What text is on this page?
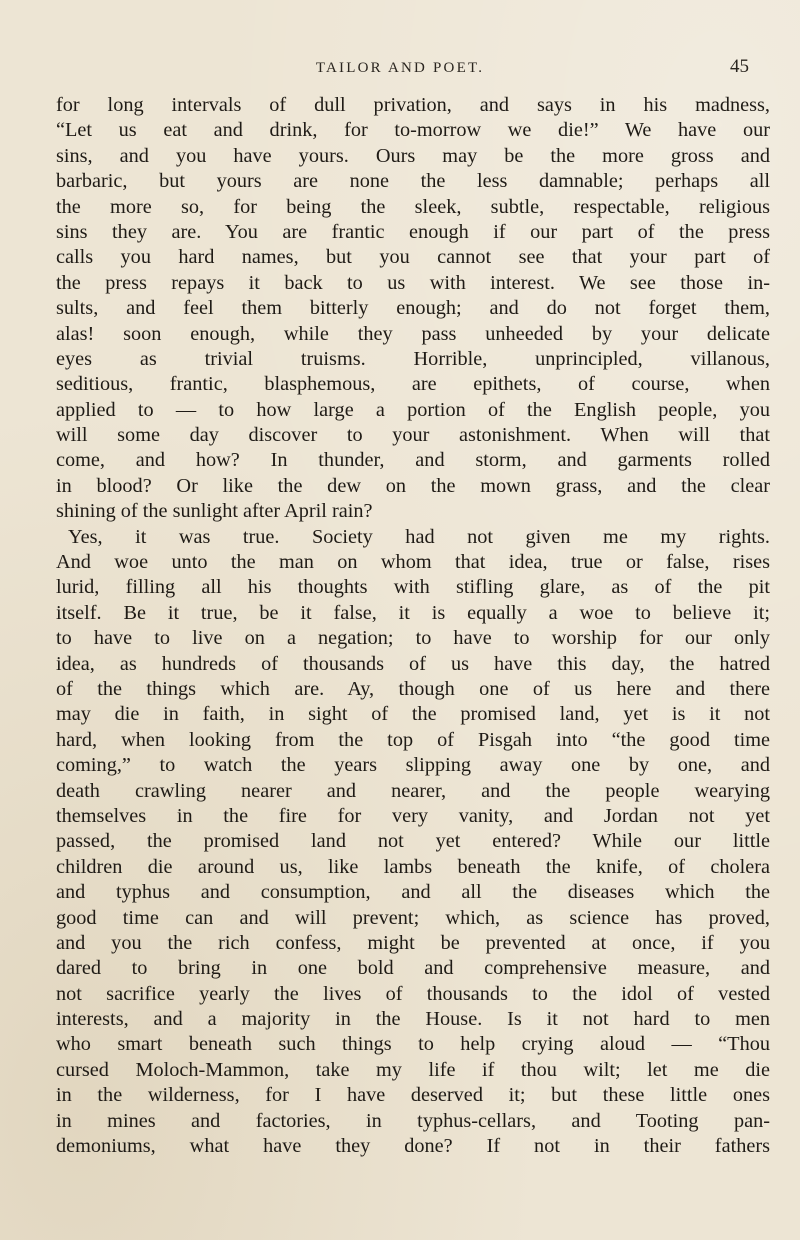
TAILOR AND POET.	45
for long intervals of dull privation, and says in his madness,
“Let us eat and drink, for to-morrow we die!” We have our
sins, and you have yours. Ours may be the more gross and
barbaric, but yours are none the less damnable; perhaps all
the more so, for being the sleek, subtle, respectable, religious
sins they are. You are frantic enough if our part of the press
calls you hard names, but you cannot see that your part of
the press repays it back to us with interest. We see those in-
sults, and feel them bitterly enough; and do not forget them,
alas! soon enough, while they pass unheeded by your delicate
eyes as trivial truisms. Horrible, unprincipled, villanous,
seditious, frantic, blasphemous, are epithets, of course, when
applied to — to how large a portion of the English people, you
will some day discover to your astonishment. When will that
come, and how? In thunder, and storm, and garments rolled
in blood? Or like the dew on the mown grass, and the clear
shining of the sunlight after April rain?
Yes, it was true. Society had not given me my rights.
And woe unto the man on whom that idea, true or false, rises
lurid, filling all his thoughts with stifling glare, as of the pit
itself. Be it true, be it false, it is equally a woe to believe it;
to have to live on a negation; to have to worship for our only
idea, as hundreds of thousands of us have this day, the hatred
of the things which are. Ay, though one of us here and there
may die in faith, in sight of the promised land, yet is it not
hard, when looking from the top of Pisgah into “the good time
coming,” to watch the years slipping away one by one, and
death crawling nearer and nearer, and the people wearying
themselves in the fire for very vanity, and Jordan not yet
passed, the promised land not yet entered? While our little
children die around us, like lambs beneath the knife, of cholera
and typhus and consumption, and all the diseases which the
good time can and will prevent; which, as science has proved,
and you the rich confess, might be prevented at once, if you
dared to bring in one bold and comprehensive measure, and
not sacrifice yearly the lives of thousands to the idol of vested
interests, and a majority in the House. Is it not hard to men
who smart beneath such things to help crying aloud — “Thou
cursed Moloch-Mammon, take my life if thou wilt; let me die
in the wilderness, for I have deserved it; but these little ones
in mines and factories, in typhus-cellars, and Tooting pan-
demoniums, what have they done? If not in their fathers
